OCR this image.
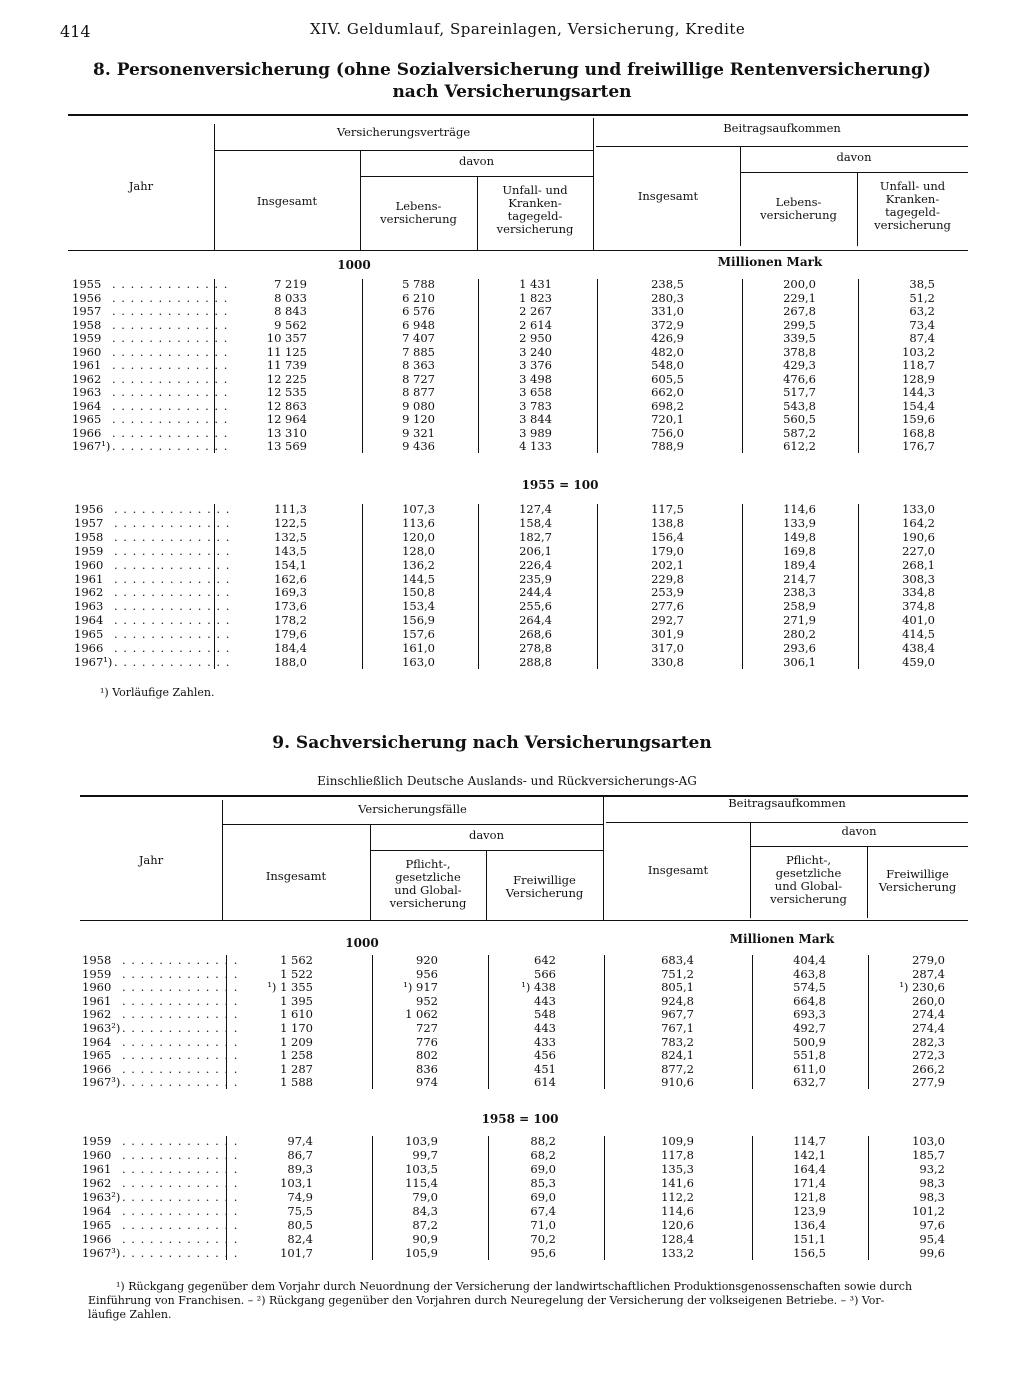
414	XIV. Geldumlauf, Spareinlagen, Versicherung, Kredite
8. Personenversicherung (ohne Sozialversicherung und freiwillige Rentenversicherung)
nach Versicherungsarten
Jahr
Versicherungsverträge	Beitragsaufkommen
davon	davon
Insgesamt	Lebens-
versicherung
Unfall- und
Kranken-
tagegeld-
versicherung
Insgesamt	Lebens-
versicherung
Unfall- und
Kranken-
tagegeld-
versicherung
1000	Millionen Mark
1955 = 100
1955 . . . . . . . . . . . . .	7 219	5 788	1 431	238,5	200,0	38,5
1956 . . . . . . . . . . . . .	8 033	6 210	1 823	280,3	229,1	51,2
1957 . . . . . . . . . . . . .	8 843	6 576	2 267	331,0	267,8	63,2
1958 . . . . . . . . . . . . .	9 562	6 948	2 614	372,9	299,5	73,4
1959 . . . . . . . . . . . . .	10 357	7 407	2 950	426,9	339,5	87,4
1960 . . . . . . . . . . . . .	11 125	7 885	3 240	482,0	378,8	103,2
1961 . . . . . . . . . . . . .	11 739	8 363	3 376	548,0	429,3	118,7
1962 . . . . . . . . . . . . .	12 225	8 727	3 498	605,5	476,6	128,9
1963 . . . . . . . . . . . . .	12 535	8 877	3 658	662,0	517,7	144,3
1964 . . . . . . . . . . . . .	12 863	9 080	3 783	698,2	543,8	154,4
1965 . . . . . . . . . . . . .	12 964	9 120	3 844	720,1	560,5	159,6
1966 . . . . . . . . . . . . .	13 310	9 321	3 989	756,0	587,2	168,8
1967¹) . . . . . . . . . . . . .	13 569	9 436	4 133	788,9	612,2	176,7
1956 . . . . . . . . . . . . .	111,3	107,3	127,4	117,5	114,6	133,0
1957 . . . . . . . . . . . . .	122,5	113,6	158,4	138,8	133,9	164,2
1958 . . . . . . . . . . . . .	132,5	120,0	182,7	156,4	149,8	190,6
1959 . . . . . . . . . . . . .	143,5	128,0	206,1	179,0	169,8	227,0
1960 . . . . . . . . . . . . .	154,1	136,2	226,4	202,1	189,4	268,1
1961 . . . . . . . . . . . . .	162,6	144,5	235,9	229,8	214,7	308,3
1962 . . . . . . . . . . . . .	169,3	150,8	244,4	253,9	238,3	334,8
1963 . . . . . . . . . . . . .	173,6	153,4	255,6	277,6	258,9	374,8
1964 . . . . . . . . . . . . .	178,2	156,9	264,4	292,7	271,9	401,0
1965 . . . . . . . . . . . . .	179,6	157,6	268,6	301,9	280,2	414,5
1966 . . . . . . . . . . . . .	184,4	161,0	278,8	317,0	293,6	438,4
1967¹) . . . . . . . . . . . . .	188,0	163,0	288,8	330,8	306,1	459,0
¹) Vorläufige Zahlen.
9. Sachversicherung nach Versicherungsarten
Einschließlich Deutsche Auslands- und Rückversicherungs-AG
Jahr
Versicherungsfälle	Beitragsaufkommen
davon	davon
Insgesamt
Pflicht-,
gesetzliche
und Global-
versicherung
Freiwillige
Versicherung
Insgesamt
Pflicht-,
gesetzliche
und Global-
versicherung
Freiwillige
Versicherung
1000	Millionen Mark
1958 = 100
1958 . . . . . . . . . . . . .	1 562	920	642	683,4	404,4	279,0
1959 . . . . . . . . . . . . .	1 522	956	566	751,2	463,8	287,4
1960 . . . . . . . . . . . . .	¹) 1 355	¹) 917	¹) 438	805,1	574,5	¹) 230,6
1961 . . . . . . . . . . . . .	1 395	952	443	924,8	664,8	260,0
1962 . . . . . . . . . . . . .	1 610	1 062	548	967,7	693,3	274,4
1963²) . . . . . . . . . . . . .	1 170	727	443	767,1	492,7	274,4
1964 . . . . . . . . . . . . .	1 209	776	433	783,2	500,9	282,3
1965 . . . . . . . . . . . . .	1 258	802	456	824,1	551,8	272,3
1966 . . . . . . . . . . . . .	1 287	836	451	877,2	611,0	266,2
1967³) . . . . . . . . . . . . .	1 588	974	614	910,6	632,7	277,9
1959 . . . . . . . . . . . . .	97,4	103,9	88,2	109,9	114,7	103,0
1960 . . . . . . . . . . . . .	86,7	99,7	68,2	117,8	142,1	185,7
1961 . . . . . . . . . . . . .	89,3	103,5	69,0	135,3	164,4	93,2
1962 . . . . . . . . . . . . .	103,1	115,4	85,3	141,6	171,4	98,3
1963²) . . . . . . . . . . . . .	74,9	79,0	69,0	112,2	121,8	98,3
1964 . . . . . . . . . . . . .	75,5	84,3	67,4	114,6	123,9	101,2
1965 . . . . . . . . . . . . .	80,5	87,2	71,0	120,6	136,4	97,6
1966 . . . . . . . . . . . . .	82,4	90,9	70,2	128,4	151,1	95,4
1967³) . . . . . . . . . . . . .	101,7	105,9	95,6	133,2	156,5	99,6
¹) Rückgang gegenüber dem Vorjahr durch Neuordnung der Versicherung der landwirtschaftlichen Produktionsgenossenschaften sowie durch
Einführung von Franchisen. – ²) Rückgang gegenüber den Vorjahren durch Neuregelung der Versicherung der volkseigenen Betriebe. – ³) Vor-
läufige Zahlen.
